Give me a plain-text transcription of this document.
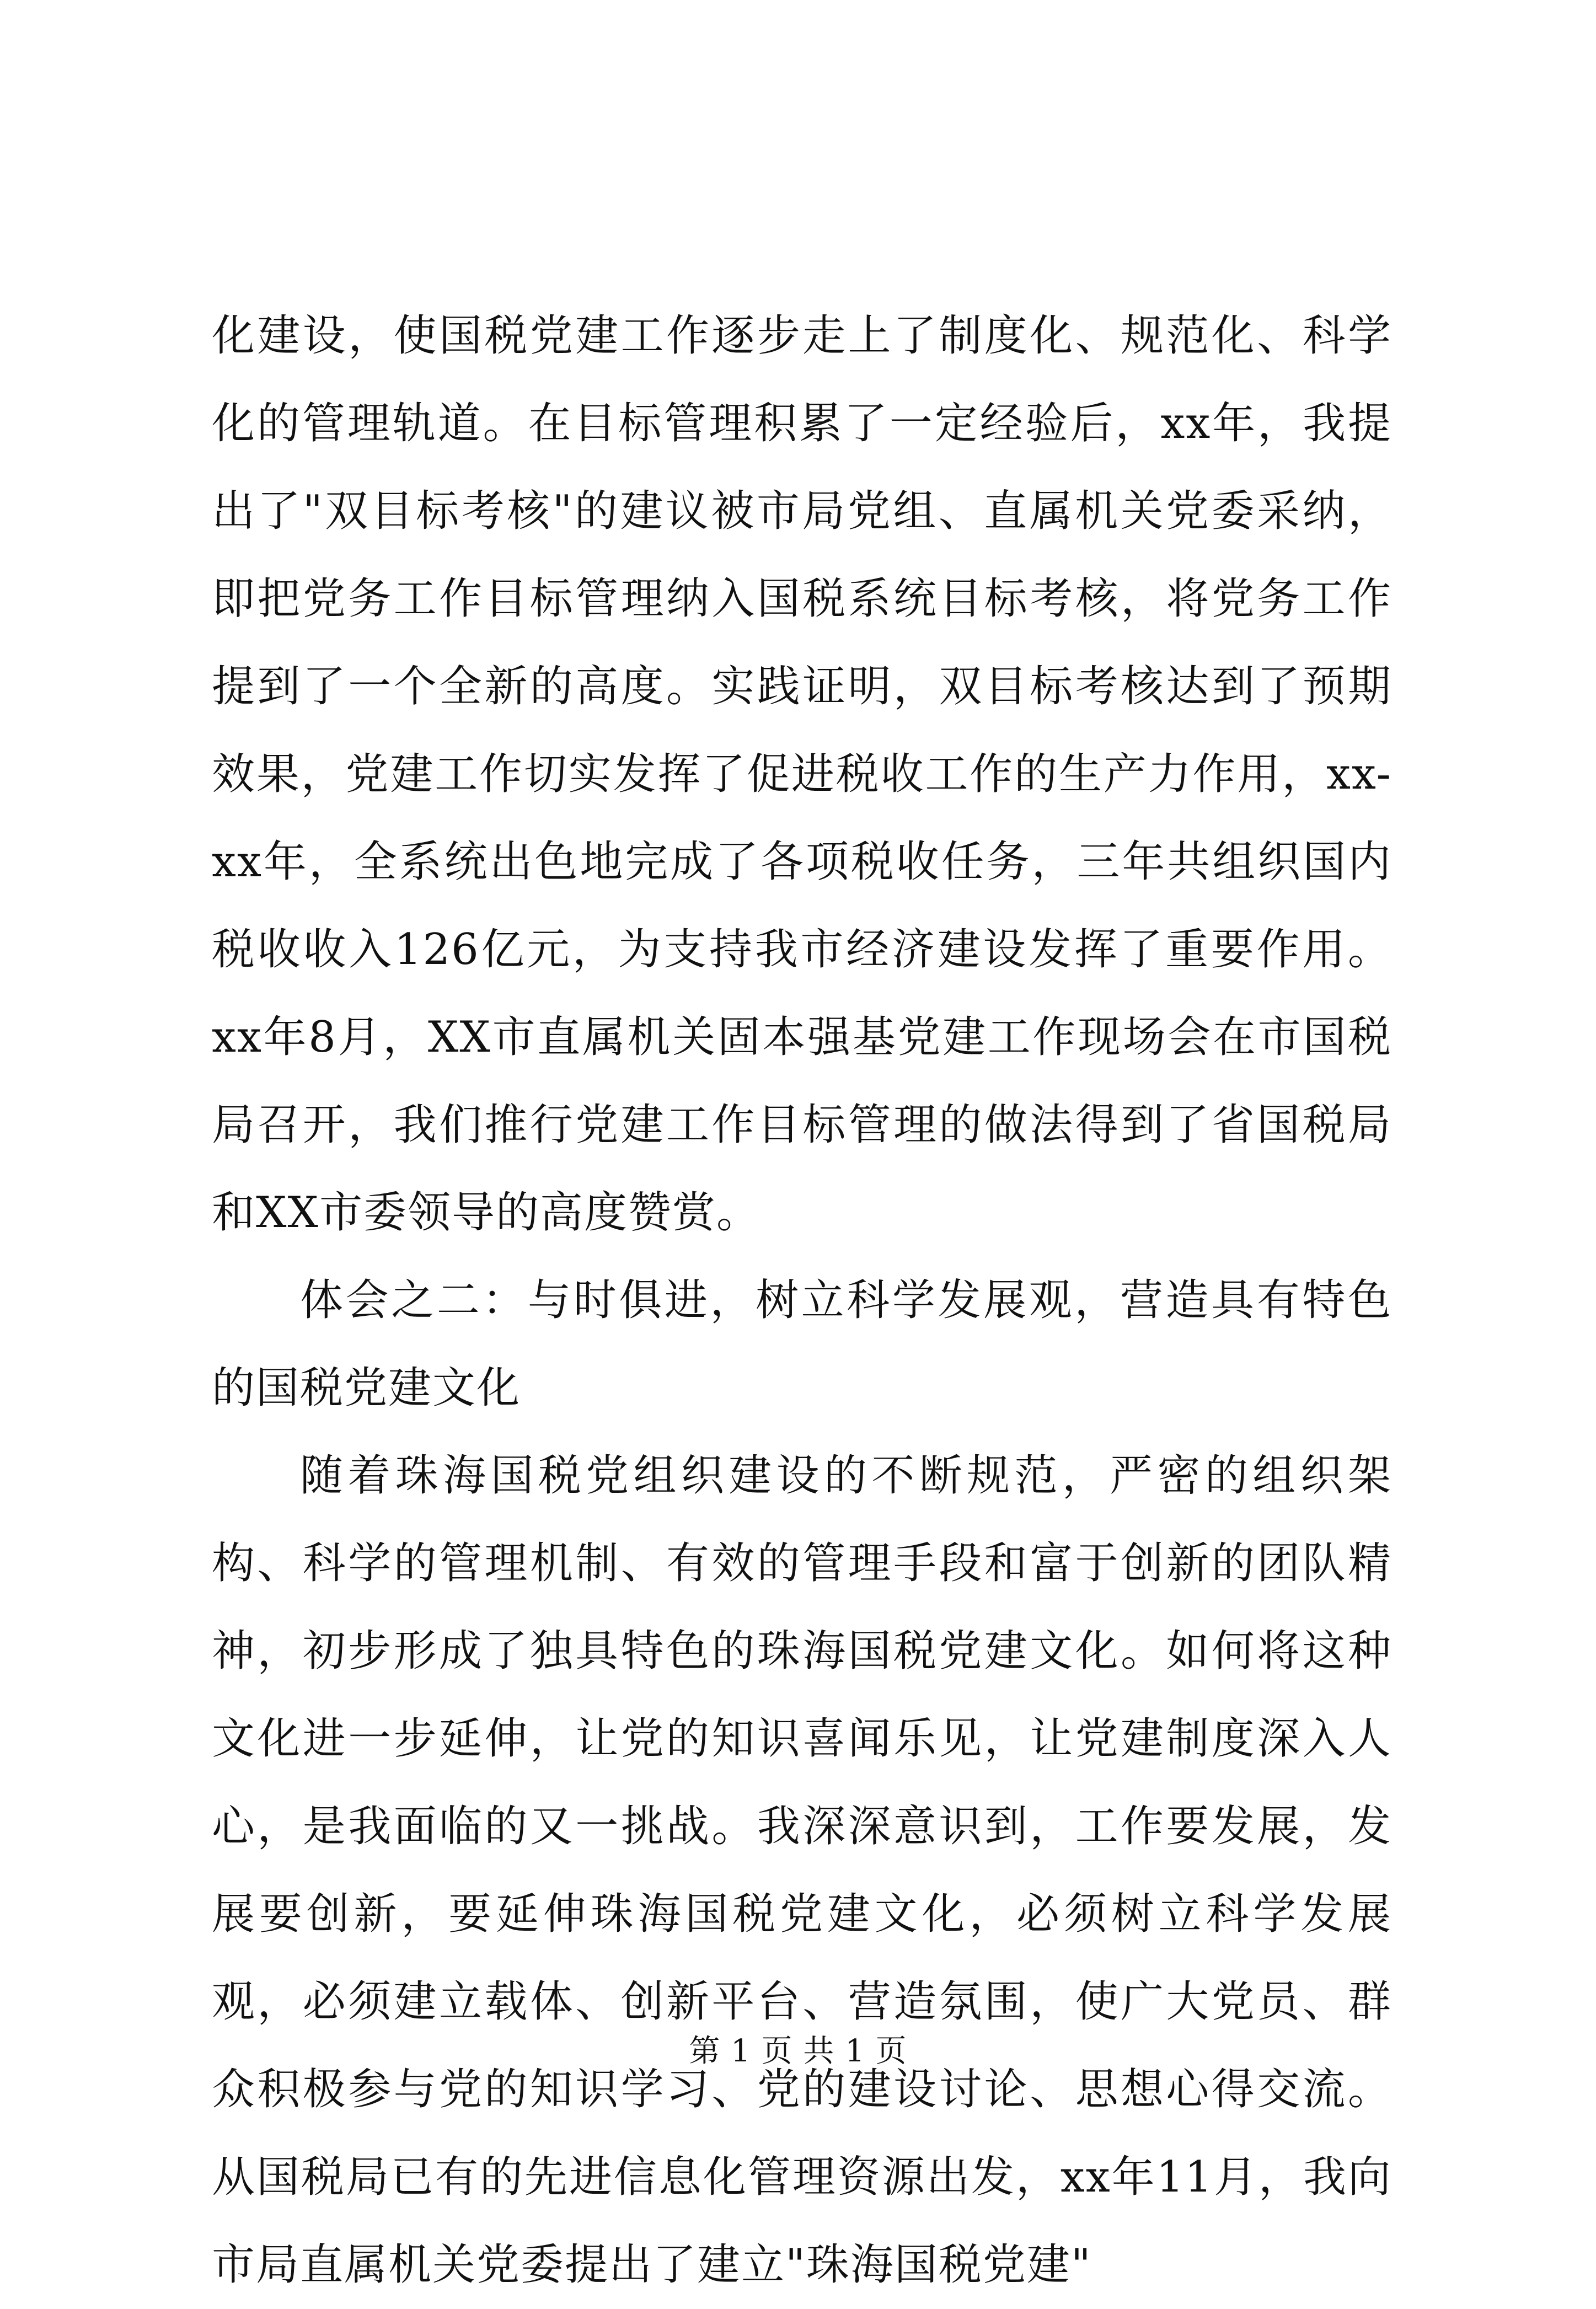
化建设，使国税党建工作逐步走上了制度化、规范化、科学化的管理轨道。在目标管理积累了一定经验后，xx年，我提出了"双目标考核"的建议被市局党组、直属机关党委采纳，即把党务工作目标管理纳入国税系统目标考核，将党务工作提到了一个全新的高度。实践证明，双目标考核达到了预期效果，党建工作切实发挥了促进税收工作的生产力作用，xx-xx年，全系统出色地完成了各项税收任务，三年共组织国内税收收入126亿元，为支持我市经济建设发挥了重要作用。xx年8月，XX市直属机关固本强基党建工作现场会在市国税局召开，我们推行党建工作目标管理的做法得到了省国税局和XX市委领导的高度赞赏。

体会之二：与时俱进，树立科学发展观，营造具有特色的国税党建文化

随着珠海国税党组织建设的不断规范，严密的组织架构、科学的管理机制、有效的管理手段和富于创新的团队精神，初步形成了独具特色的珠海国税党建文化。如何将这种文化进一步延伸，让党的知识喜闻乐见，让党建制度深入人心，是我面临的又一挑战。我深深意识到，工作要发展，发展要创新，要延伸珠海国税党建文化，必须树立科学发展观，必须建立载体、创新平台、营造氛围，使广大党员、群众积极参与党的知识学习、党的建设讨论、思想心得交流。从国税局已有的先进信息化管理资源出发，xx年11月，我向市局直属机关党委提出了建立"珠海国税党建"

第 1 页 共 1 页
